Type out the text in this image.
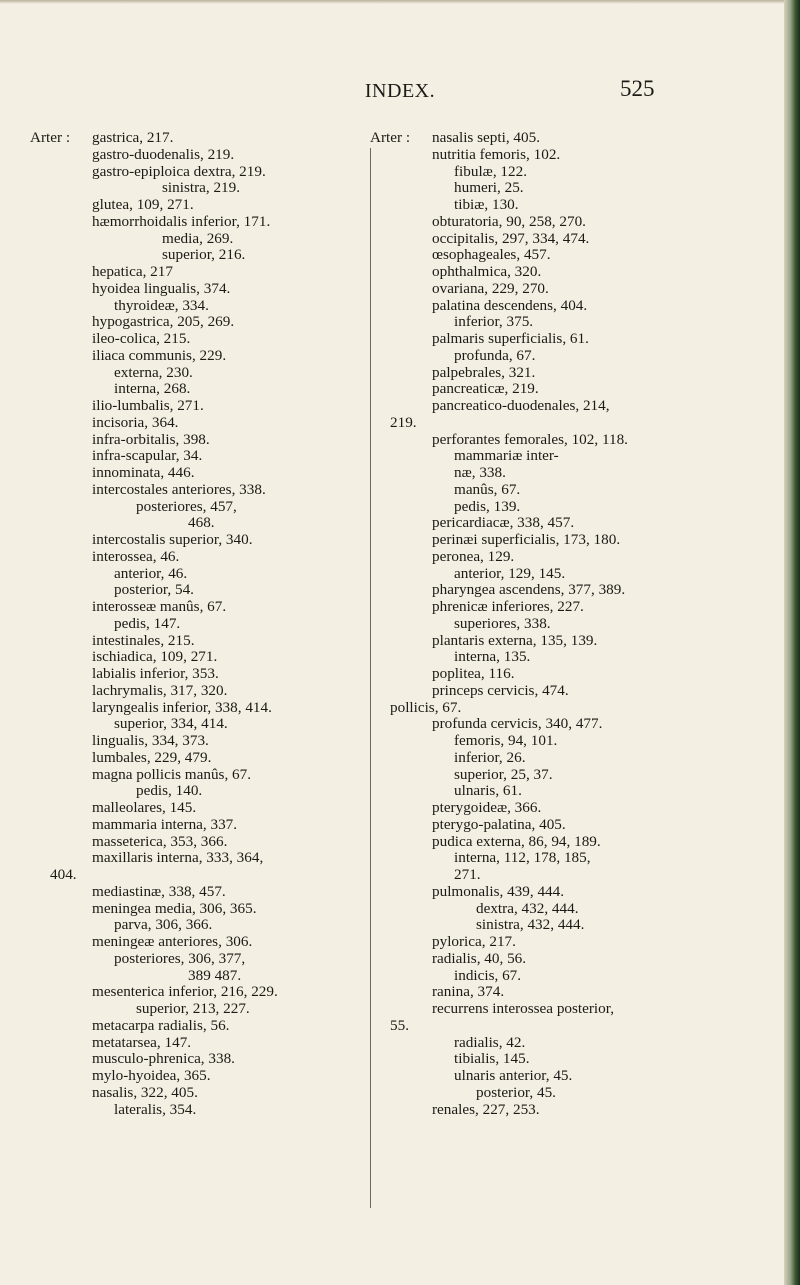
INDEX.	525
Arter : gastrica, 217.
gastro-duodenalis, 219.
gastro-epiploica dextra, 219.
sinistra, 219.
glutea, 109, 271.
hæmorrhoidalis inferior, 171.
media, 269.
superior, 216.
hepatica, 217
hyoidea lingualis, 374.
thyroideæ, 334.
hypogastrica, 205, 269.
ileo-colica, 215.
iliaca communis, 229.
externa, 230.
interna, 268.
ilio-lumbalis, 271.
incisoria, 364.
infra-orbitalis, 398.
infra-scapular, 34.
innominata, 446.
intercostales anteriores, 338.
posteriores, 457,
468.
intercostalis superior, 340.
interossea, 46.
anterior, 46.
posterior, 54.
interosseæ manûs, 67.
pedis, 147.
intestinales, 215.
ischiadica, 109, 271.
labialis inferior, 353.
lachrymalis, 317, 320.
laryngealis inferior, 338, 414.
superior, 334, 414.
lingualis, 334, 373.
lumbales, 229, 479.
magna pollicis manûs, 67.
pedis, 140.
malleolares, 145.
mammaria interna, 337.
masseterica, 353, 366.
maxillaris interna, 333, 364,
404.
mediastinæ, 338, 457.
meningea media, 306, 365.
parva, 306, 366.
meningeæ anteriores, 306.
posteriores, 306, 377,
389 487.
mesenterica inferior, 216, 229.
superior, 213, 227.
metacarpa radialis, 56.
metatarsea, 147.
musculo-phrenica, 338.
mylo-hyoidea, 365.
nasalis, 322, 405.
lateralis, 354.
Arter : nasalis septi, 405.
nutritia femoris, 102.
fibulæ, 122.
humeri, 25.
tibiæ, 130.
obturatoria, 90, 258, 270.
occipitalis, 297, 334, 474.
œsophageales, 457.
ophthalmica, 320.
ovariana, 229, 270.
palatina descendens, 404.
inferior, 375.
palmaris superficialis, 61.
profunda, 67.
palpebrales, 321.
pancreaticæ, 219.
pancreatico-duodenales, 214,
219.
perforantes femorales, 102, 118.
mammariæ inter-
næ, 338.
manûs, 67.
pedis, 139.
pericardiacæ, 338, 457.
perinæi superficialis, 173, 180.
peronea, 129.
anterior, 129, 145.
pharyngea ascendens, 377, 389.
phrenicæ inferiores, 227.
superiores, 338.
plantaris externa, 135, 139.
interna, 135.
poplitea, 116.
princeps cervicis, 474.
pollicis, 67.
profunda cervicis, 340, 477.
femoris, 94, 101.
inferior, 26.
superior, 25, 37.
ulnaris, 61.
pterygoideæ, 366.
pterygo-palatina, 405.
pudica externa, 86, 94, 189.
interna, 112, 178, 185,
271.
pulmonalis, 439, 444.
dextra, 432, 444.
sinistra, 432, 444.
pylorica, 217.
radialis, 40, 56.
indicis, 67.
ranina, 374.
recurrens interossea posterior,
55.
radialis, 42.
tibialis, 145.
ulnaris anterior, 45.
posterior, 45.
renales, 227, 253.
